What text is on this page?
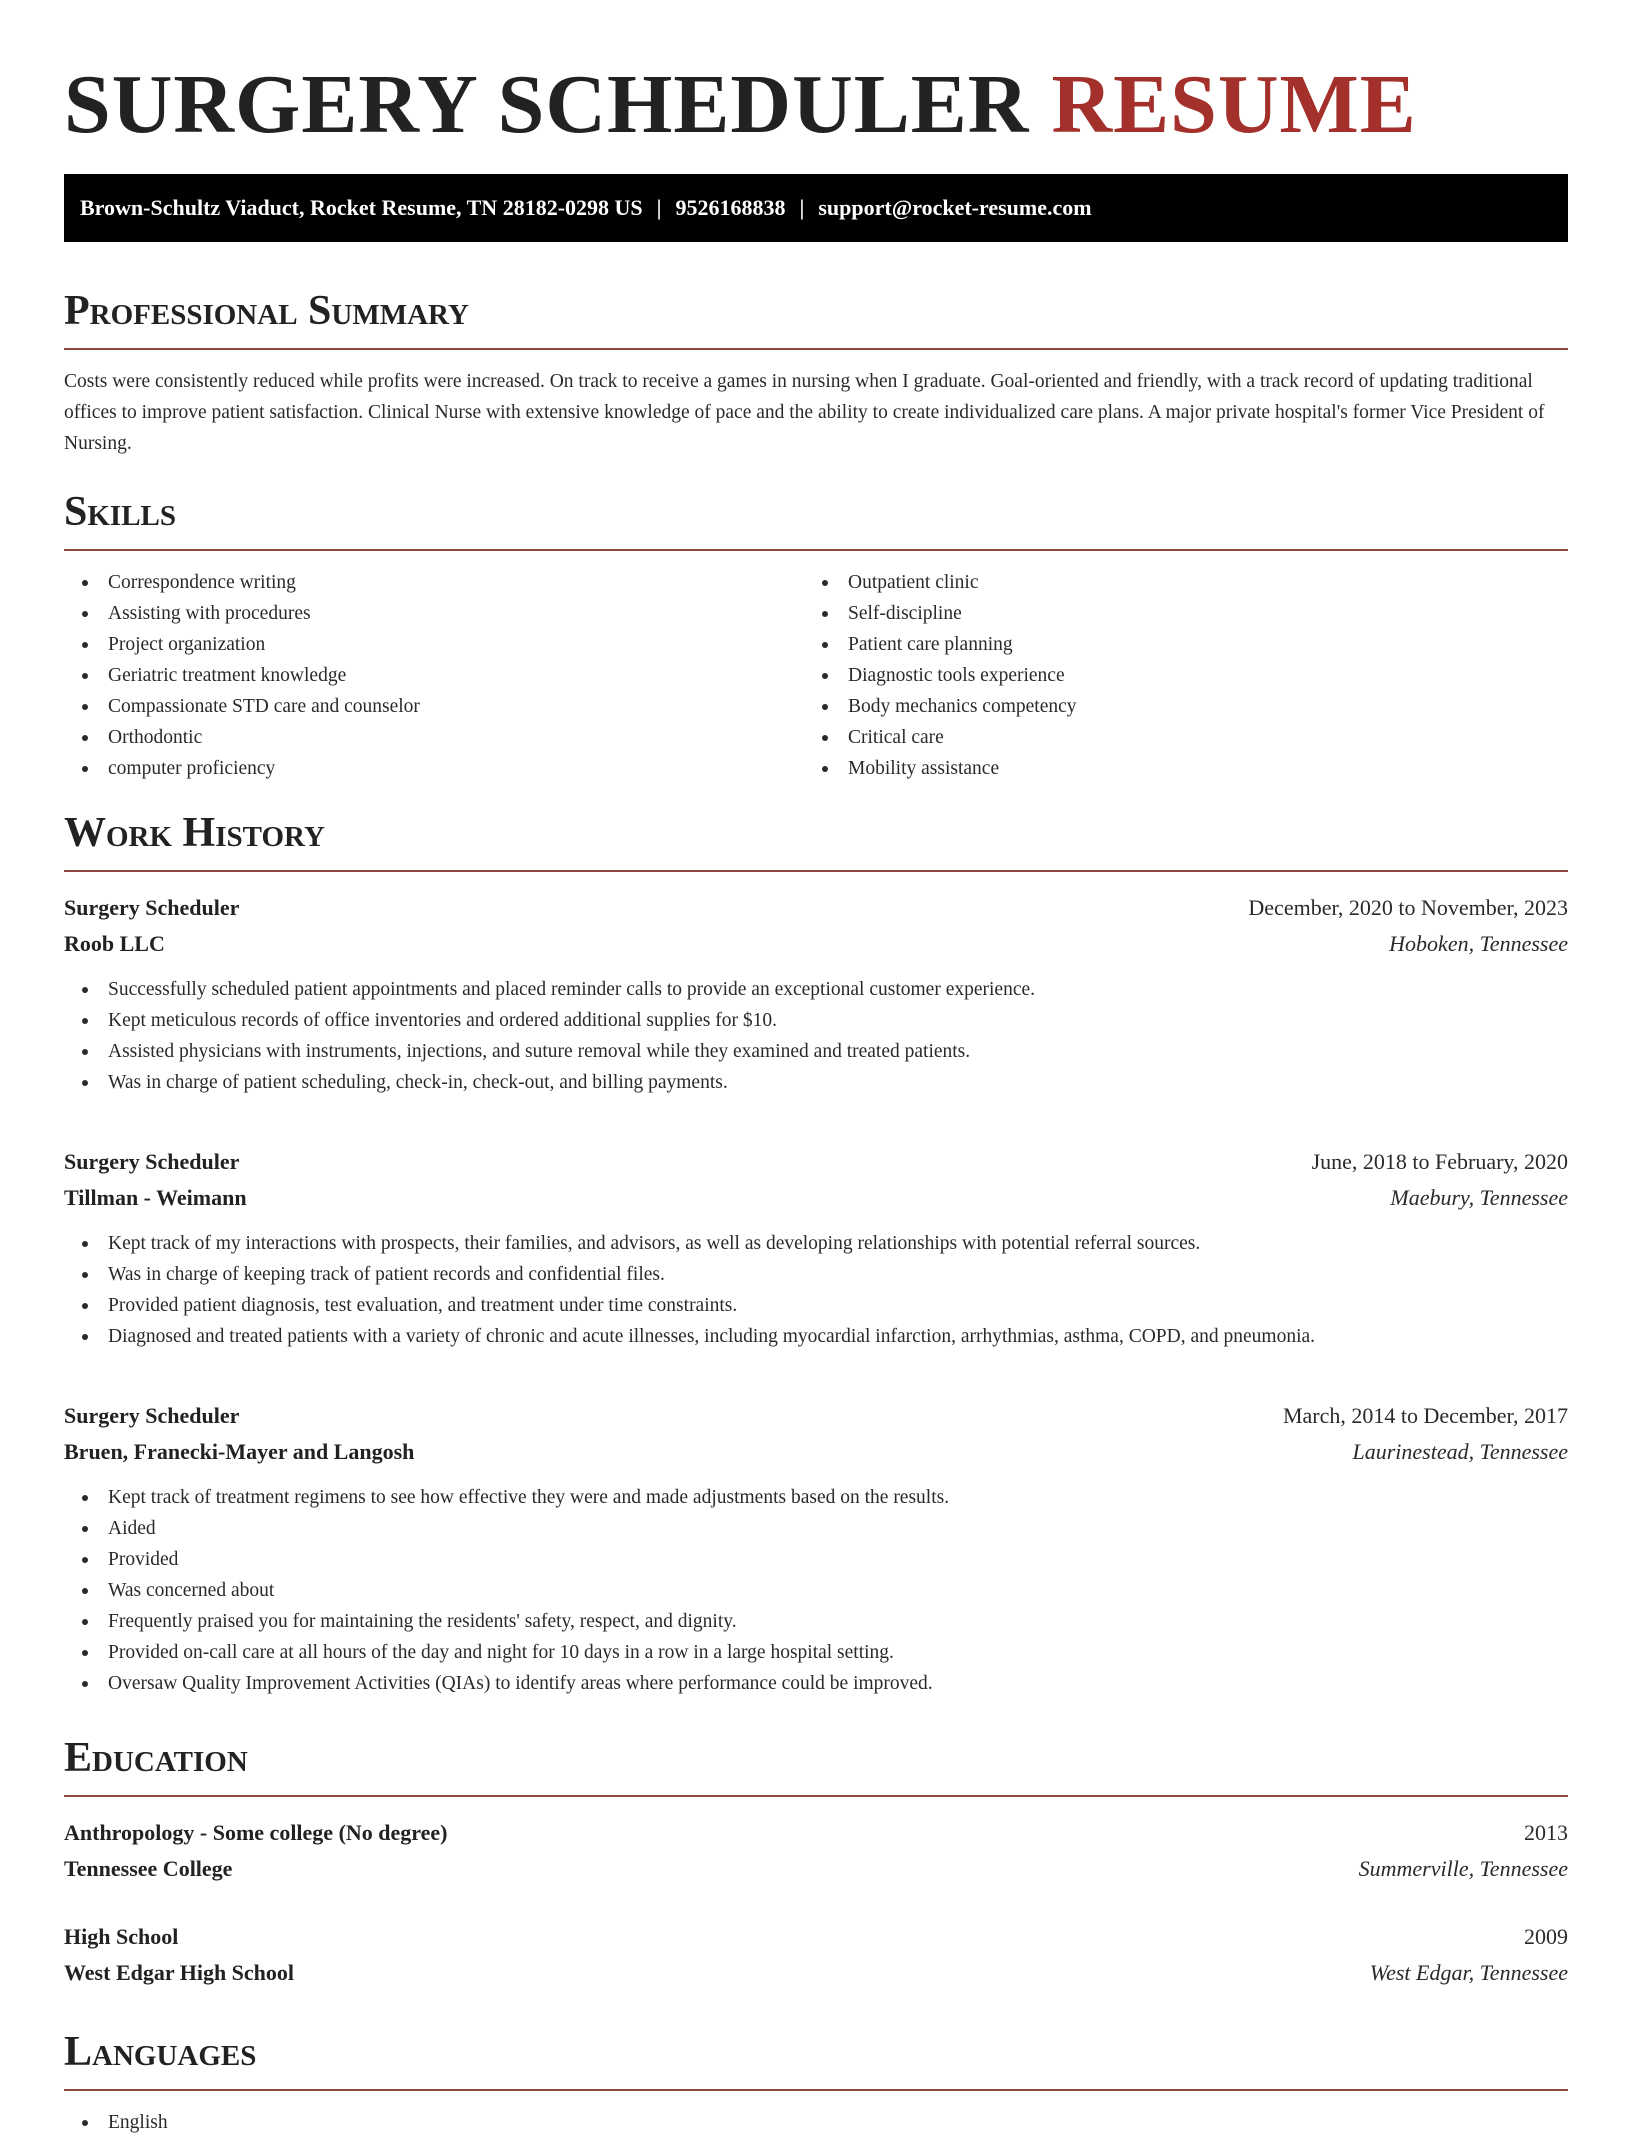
SURGERY SCHEDULER RESUME
Brown-Schultz Viaduct, Rocket Resume, TN 28182-0298 US | 9526168838 | support@rocket-resume.com
Professional Summary

Costs were consistently reduced while profits were increased. On track to receive a games in nursing when I graduate. Goal-oriented and friendly, with a track record of updating traditional offices to improve patient satisfaction. Clinical Nurse with extensive knowledge of pace and the ability to create individualized care plans. A major private hospital's former Vice President of Nursing.

Skills
Correspondence writing
Assisting with procedures
Project organization
Geriatric treatment knowledge
Compassionate STD care and counselor
Orthodontic
computer proficiency
Outpatient clinic
Self-discipline
Patient care planning
Diagnostic tools experience
Body mechanics competency
Critical care
Mobility assistance
Work History
Surgery Scheduler	December, 2020 to November, 2023
Roob LLC	Hoboken, Tennessee
Successfully scheduled patient appointments and placed reminder calls to provide an exceptional customer experience.
Kept meticulous records of office inventories and ordered additional supplies for $10.
Assisted physicians with instruments, injections, and suture removal while they examined and treated patients.
Was in charge of patient scheduling, check-in, check-out, and billing payments.
Surgery Scheduler	June, 2018 to February, 2020
Tillman - Weimann	Maebury, Tennessee
Kept track of my interactions with prospects, their families, and advisors, as well as developing relationships with potential referral sources.
Was in charge of keeping track of patient records and confidential files.
Provided patient diagnosis, test evaluation, and treatment under time constraints.
Diagnosed and treated patients with a variety of chronic and acute illnesses, including myocardial infarction, arrhythmias, asthma, COPD, and pneumonia.
Surgery Scheduler	March, 2014 to December, 2017
Bruen, Franecki-Mayer and Langosh	Laurinestead, Tennessee
Kept track of treatment regimens to see how effective they were and made adjustments based on the results.
Aided
Provided
Was concerned about
Frequently praised you for maintaining the residents' safety, respect, and dignity.
Provided on-call care at all hours of the day and night for 10 days in a row in a large hospital setting.
Oversaw Quality Improvement Activities (QIAs) to identify areas where performance could be improved.
Education
Anthropology - Some college (No degree)	2013
Tennessee College	Summerville, Tennessee
High School	2009
West Edgar High School	West Edgar, Tennessee
Languages
English
